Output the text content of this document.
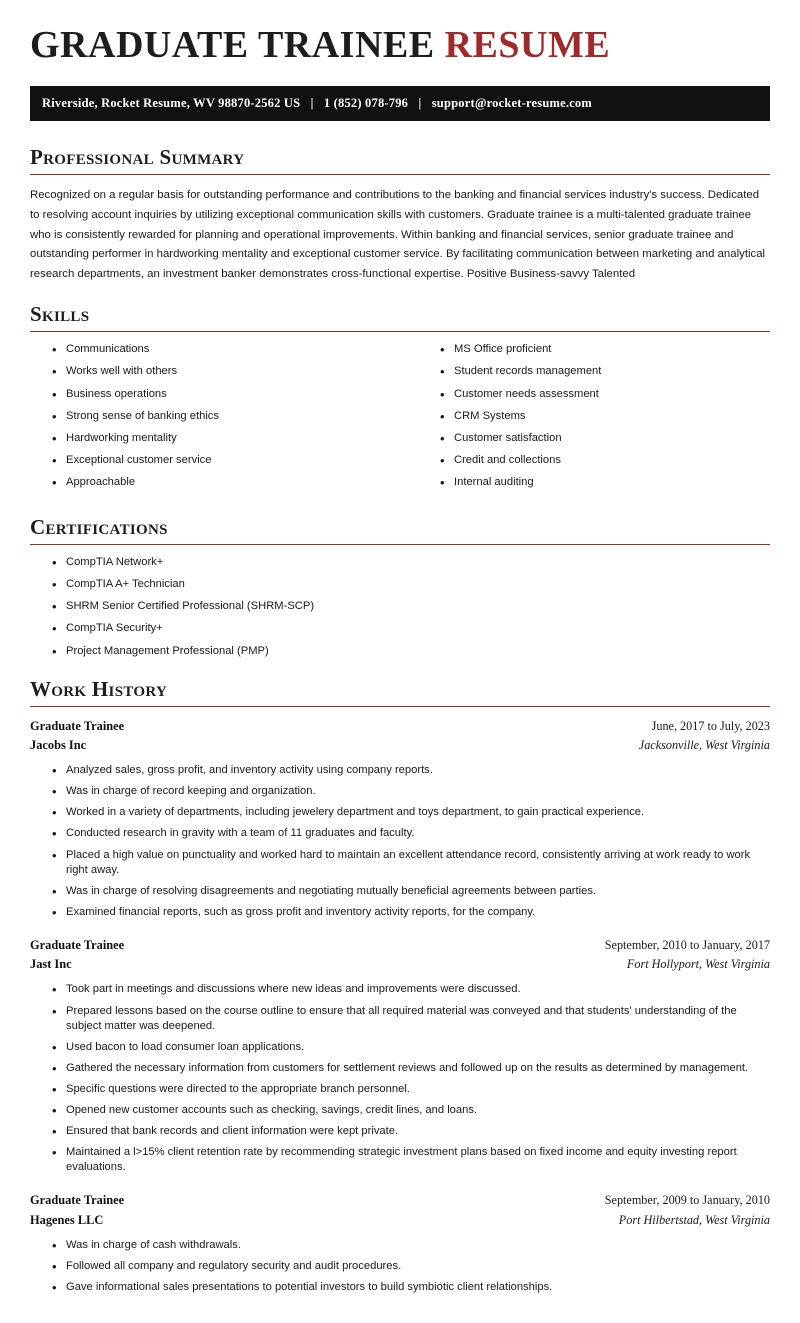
GRADUATE TRAINEE RESUME
Riverside, Rocket Resume, WV 98870-2562 US | 1 (852) 078-796 | support@rocket-resume.com
Professional Summary

Recognized on a regular basis for outstanding performance and contributions to the banking and financial services industry's success. Dedicated to resolving account inquiries by utilizing exceptional communication skills with customers. Graduate trainee is a multi-talented graduate trainee who is consistently rewarded for planning and operational improvements. Within banking and financial services, senior graduate trainee and outstanding performer in hardworking mentality and exceptional customer service. By facilitating communication between marketing and analytical research departments, an investment banker demonstrates cross-functional expertise. Positive Business-savvy Talented

Skills
• Communications
• Works well with others
• Business operations
• Strong sense of banking ethics
• Hardworking mentality
• Exceptional customer service
• Approachable
• MS Office proficient
• Student records management
• Customer needs assessment
• CRM Systems
• Customer satisfaction
• Credit and collections
• Internal auditing
Certifications
• CompTIA Network+
• CompTIA A+ Technician
• SHRM Senior Certified Professional (SHRM-SCP)
• CompTIA Security+
• Project Management Professional (PMP)
Work History
Graduate Trainee	June, 2017 to July, 2023
Jacobs Inc	Jacksonville, West Virginia
• Analyzed sales, gross profit, and inventory activity using company reports.
• Was in charge of record keeping and organization.
• Worked in a variety of departments, including jewelery department and toys department, to gain practical experience.
• Conducted research in gravity with a team of 11 graduates and faculty.
• Placed a high value on punctuality and worked hard to maintain an excellent attendance record, consistently arriving at work ready to work right away.
• Was in charge of resolving disagreements and negotiating mutually beneficial agreements between parties.
• Examined financial reports, such as gross profit and inventory activity reports, for the company.
Graduate Trainee	September, 2010 to January, 2017
Jast Inc	Fort Hollyport, West Virginia
• Took part in meetings and discussions where new ideas and improvements were discussed.
• Prepared lessons based on the course outline to ensure that all required material was conveyed and that students' understanding of the subject matter was deepened.
• Used bacon to load consumer loan applications.
• Gathered the necessary information from customers for settlement reviews and followed up on the results as determined by management.
• Specific questions were directed to the appropriate branch personnel.
• Opened new customer accounts such as checking, savings, credit lines, and loans.
• Ensured that bank records and client information were kept private.
• Maintained a l>15% client retention rate by recommending strategic investment plans based on fixed income and equity investing report evaluations.
Graduate Trainee	September, 2009 to January, 2010
Hagenes LLC	Port Hilbertstad, West Virginia
• Was in charge of cash withdrawals.
• Followed all company and regulatory security and audit procedures.
• Gave informational sales presentations to potential investors to build symbiotic client relationships.
